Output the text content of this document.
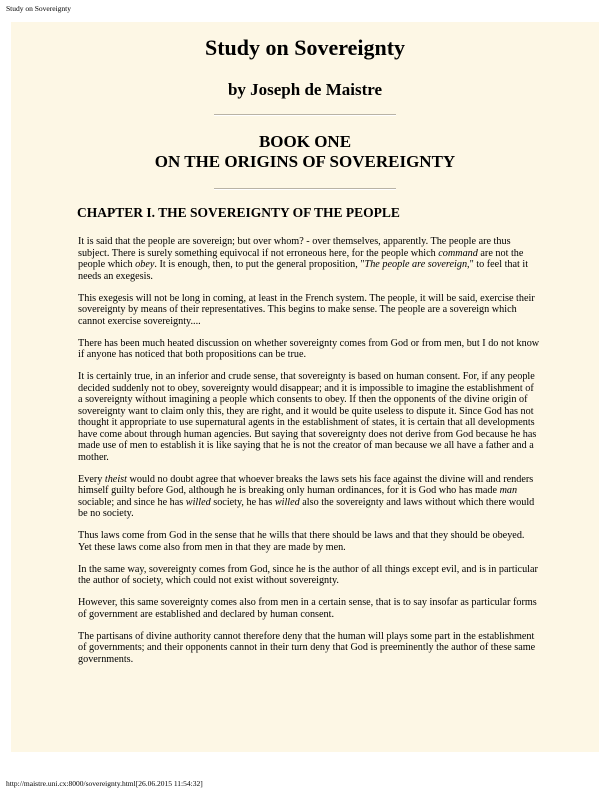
Study on Sovereignty
Study on Sovereignty
by Joseph de Maistre
BOOK ONE
ON THE ORIGINS OF SOVEREIGNTY
CHAPTER I. THE SOVEREIGNTY OF THE PEOPLE

It is said that the people are sovereign; but over whom? - over themselves, apparently. The people are thus subject. There is surely something equivocal if not erroneous here, for the people which command are not the people which obey. It is enough, then, to put the general proposition, "The people are sovereign," to feel that it needs an exegesis.

This exegesis will not be long in coming, at least in the French system. The people, it will be said, exercise their sovereignty by means of their representatives. This begins to make sense. The people are a sovereign which cannot exercise sovereignty....

There has been much heated discussion on whether sovereignty comes from God or from men, but I do not know if anyone has noticed that both propositions can be true.

It is certainly true, in an inferior and crude sense, that sovereignty is based on human consent. For, if any people decided suddenly not to obey, sovereignty would disappear; and it is impossible to imagine the establishment of a sovereignty without imagining a people which consents to obey. If then the opponents of the divine origin of sovereignty want to claim only this, they are right, and it would be quite useless to dispute it. Since God has not thought it appropriate to use supernatural agents in the establishment of states, it is certain that all developments have come about through human agencies. But saying that sovereignty does not derive from God because he has made use of men to establish it is like saying that he is not the creator of man because we all have a father and a mother.

Every theist would no doubt agree that whoever breaks the laws sets his face against the divine will and renders himself guilty before God, although he is breaking only human ordinances, for it is God who has made man sociable; and since he has willed society, he has willed also the sovereignty and laws without which there would be no society.

Thus laws come from God in the sense that he wills that there should be laws and that they should be obeyed. Yet these laws come also from men in that they are made by men.

In the same way, sovereignty comes from God, since he is the author of all things except evil, and is in particular the author of society, which could not exist without sovereignty.

However, this same sovereignty comes also from men in a certain sense, that is to say insofar as particular forms of government are established and declared by human consent.

The partisans of divine authority cannot therefore deny that the human will plays some part in the establishment of governments; and their opponents cannot in their turn deny that God is preeminently the author of these same governments.

http://maistre.uni.cx:8000/sovereignty.html[26.06.2015 11:54:32]
